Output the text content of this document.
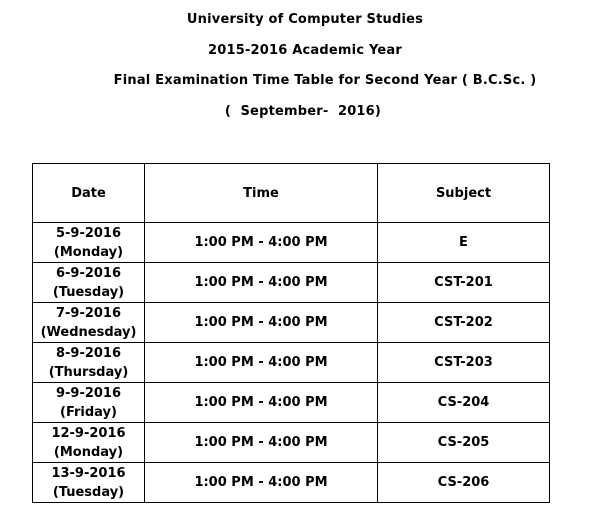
University of Computer Studies
2015-2016 Academic Year
Final Examination Time Table for Second Year ( B.C.Sc. )
(  September-  2016)
Date	Time	Subject

5-9-2016
(Monday)	1:00 PM - 4:00 PM	E

6-9-2016
(Tuesday)	1:00 PM - 4:00 PM	CST-201

7-9-2016
(Wednesday)	1:00 PM - 4:00 PM	CST-202

8-9-2016
(Thursday)	1:00 PM - 4:00 PM	CST-203

9-9-2016
(Friday)	1:00 PM - 4:00 PM	CS-204

12-9-2016
(Monday)	1:00 PM - 4:00 PM	CS-205

13-9-2016
(Tuesday)	1:00 PM - 4:00 PM	CS-206
